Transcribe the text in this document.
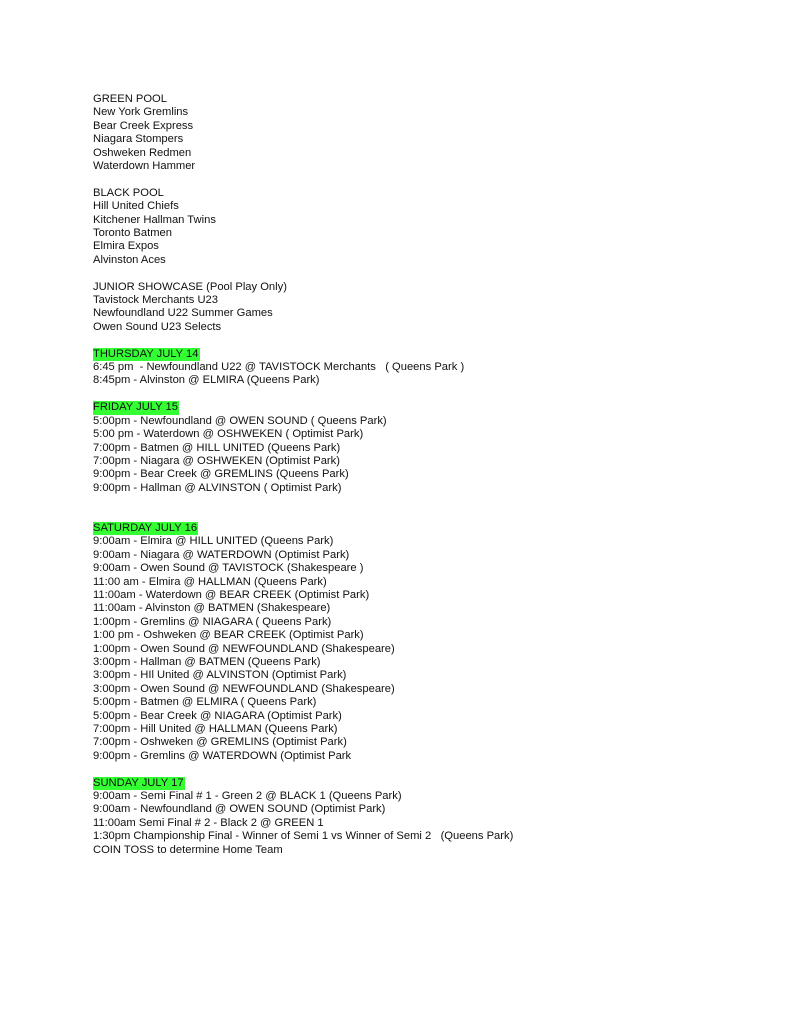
GREEN POOL
New York Gremlins
Bear Creek Express
Niagara Stompers
Oshweken Redmen
Waterdown Hammer
BLACK POOL
Hill United Chiefs
Kitchener Hallman Twins
Toronto Batmen
Elmira Expos
Alvinston Aces
JUNIOR SHOWCASE (Pool Play Only)
Tavistock Merchants U23
Newfoundland U22 Summer Games
Owen Sound U23 Selects
THURSDAY JULY 14
6:45 pm  - Newfoundland U22 @ TAVISTOCK Merchants   ( Queens Park )
8:45pm - Alvinston @ ELMIRA (Queens Park)
FRIDAY JULY 15
5:00pm - Newfoundland @ OWEN SOUND ( Queens Park)
5:00 pm - Waterdown @ OSHWEKEN ( Optimist Park)
7:00pm - Batmen @ HILL UNITED (Queens Park)
7:00pm - Niagara @ OSHWEKEN (Optimist Park)
9:00pm - Bear Creek @ GREMLINS (Queens Park)
9:00pm - Hallman @ ALVINSTON ( Optimist Park)
SATURDAY JULY 16
9:00am - Elmira @ HILL UNITED (Queens Park)
9:00am - Niagara @ WATERDOWN (Optimist Park)
9:00am - Owen Sound @ TAVISTOCK (Shakespeare )
11:00 am - Elmira @ HALLMAN (Queens Park)
11:00am - Waterdown @ BEAR CREEK (Optimist Park)
11:00am - Alvinston @ BATMEN (Shakespeare)
1:00pm - Gremlins @ NIAGARA ( Queens Park)
1:00 pm - Oshweken @ BEAR CREEK (Optimist Park)
1:00pm - Owen Sound @ NEWFOUNDLAND (Shakespeare)
3:00pm - Hallman @ BATMEN (Queens Park)
3:00pm - HIl United @ ALVINSTON (Optimist Park)
3:00pm - Owen Sound @ NEWFOUNDLAND (Shakespeare)
5:00pm - Batmen @ ELMIRA ( Queens Park)
5:00pm - Bear Creek @ NIAGARA (Optimist Park)
7:00pm - Hill United @ HALLMAN (Queens Park)
7:00pm - Oshweken @ GREMLINS (Optimist Park)
9:00pm - Gremlins @ WATERDOWN (Optimist Park
SUNDAY JULY 17
9:00am - Semi Final # 1 - Green 2 @ BLACK 1 (Queens Park)
9:00am - Newfoundland @ OWEN SOUND (Optimist Park)
11:00am Semi Final # 2 - Black 2 @ GREEN 1
1:30pm Championship Final - Winner of Semi 1 vs Winner of Semi 2   (Queens Park)
COIN TOSS to determine Home Team
